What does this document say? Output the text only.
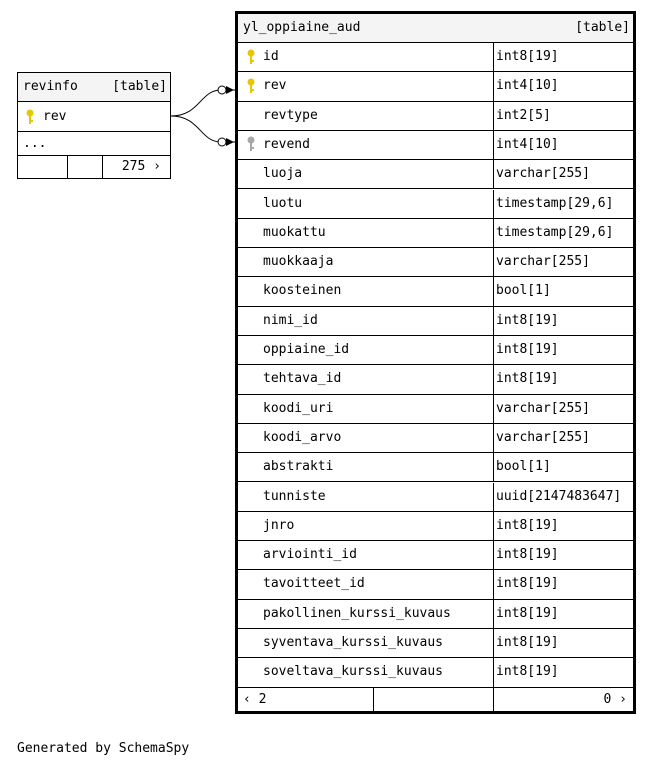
revinfo	[table]
rev
...
275 ›
yl_oppiaine_aud	[table]
id	int8[19]
rev	int4[10]
revtype	int2[5]
revend	int4[10]
luoja	varchar[255]
luotu	timestamp[29,6]
muokattu	timestamp[29,6]
muokkaaja	varchar[255]
koosteinen	bool[1]
nimi_id	int8[19]
oppiaine_id	int8[19]
tehtava_id	int8[19]
koodi_uri	varchar[255]
koodi_arvo	varchar[255]
abstrakti	bool[1]
tunniste	uuid[2147483647]
jnro	int8[19]
arviointi_id	int8[19]
tavoitteet_id	int8[19]
pakollinen_kurssi_kuvaus	int8[19]
syventava_kurssi_kuvaus	int8[19]
soveltava_kurssi_kuvaus	int8[19]
‹ 2	0 ›
Generated by SchemaSpy
